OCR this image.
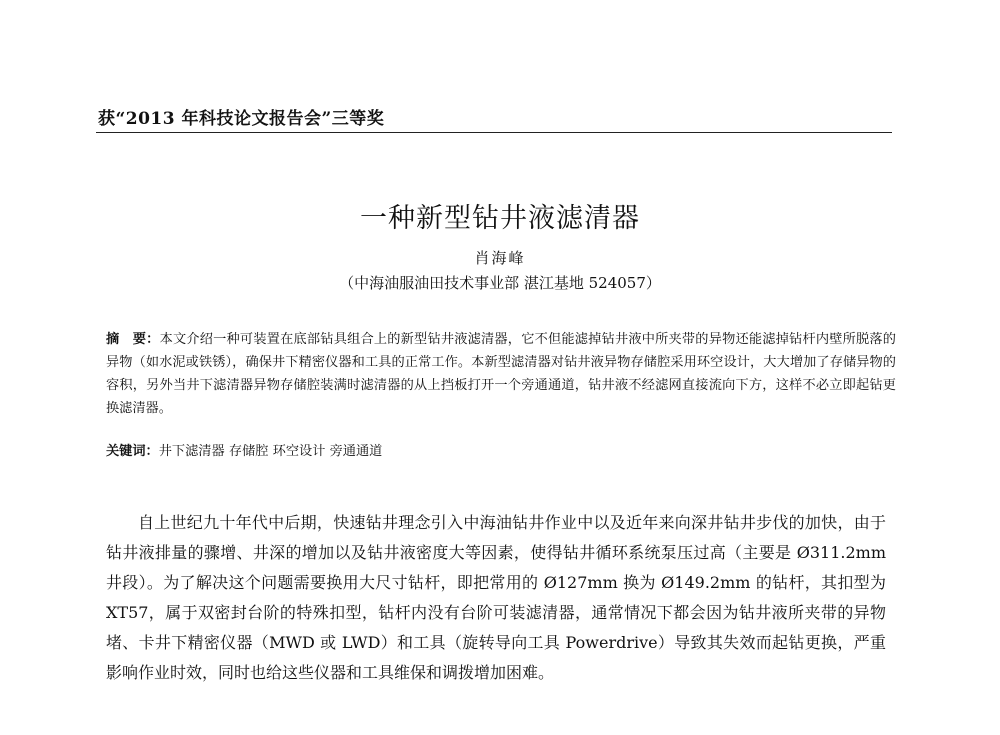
获“2013 年科技论文报告会”三等奖
一种新型钻井液滤清器
肖海峰
（中海油服油田技术事业部 湛江基地 524057）
摘　要：本文介绍一种可装置在底部钻具组合上的新型钻井液滤清器，它不但能滤掉钻井液中所夹带的异物还能滤掉钻杆内壁所脱落的异物（如水泥或铁锈），确保井下精密仪器和工具的正常工作。本新型滤清器对钻井液异物存储腔采用环空设计，大大增加了存储异物的容积，另外当井下滤清器异物存储腔装满时滤清器的从上挡板打开一个旁通通道，钻井液不经滤网直接流向下方，这样不必立即起钻更换滤清器。
关键词：井下滤清器 存储腔 环空设计 旁通通道
自上世纪九十年代中后期，快速钻井理念引入中海油钻井作业中以及近年来向深井钻井步伐的加快，由于钻井液排量的骤增、井深的增加以及钻井液密度大等因素，使得钻井循环系统泵压过高（主要是 Ø311.2mm 井段）。为了解决这个问题需要换用大尺寸钻杆，即把常用的 Ø127mm 换为 Ø149.2mm 的钻杆，其扣型为 XT57，属于双密封台阶的特殊扣型，钻杆内没有台阶可装滤清器，通常情况下都会因为钻井液所夹带的异物堵、卡井下精密仪器（MWD 或 LWD）和工具（旋转导向工具 Powerdrive）导致其失效而起钻更换，严重影响作业时效，同时也给这些仪器和工具维保和调拨增加困难。
